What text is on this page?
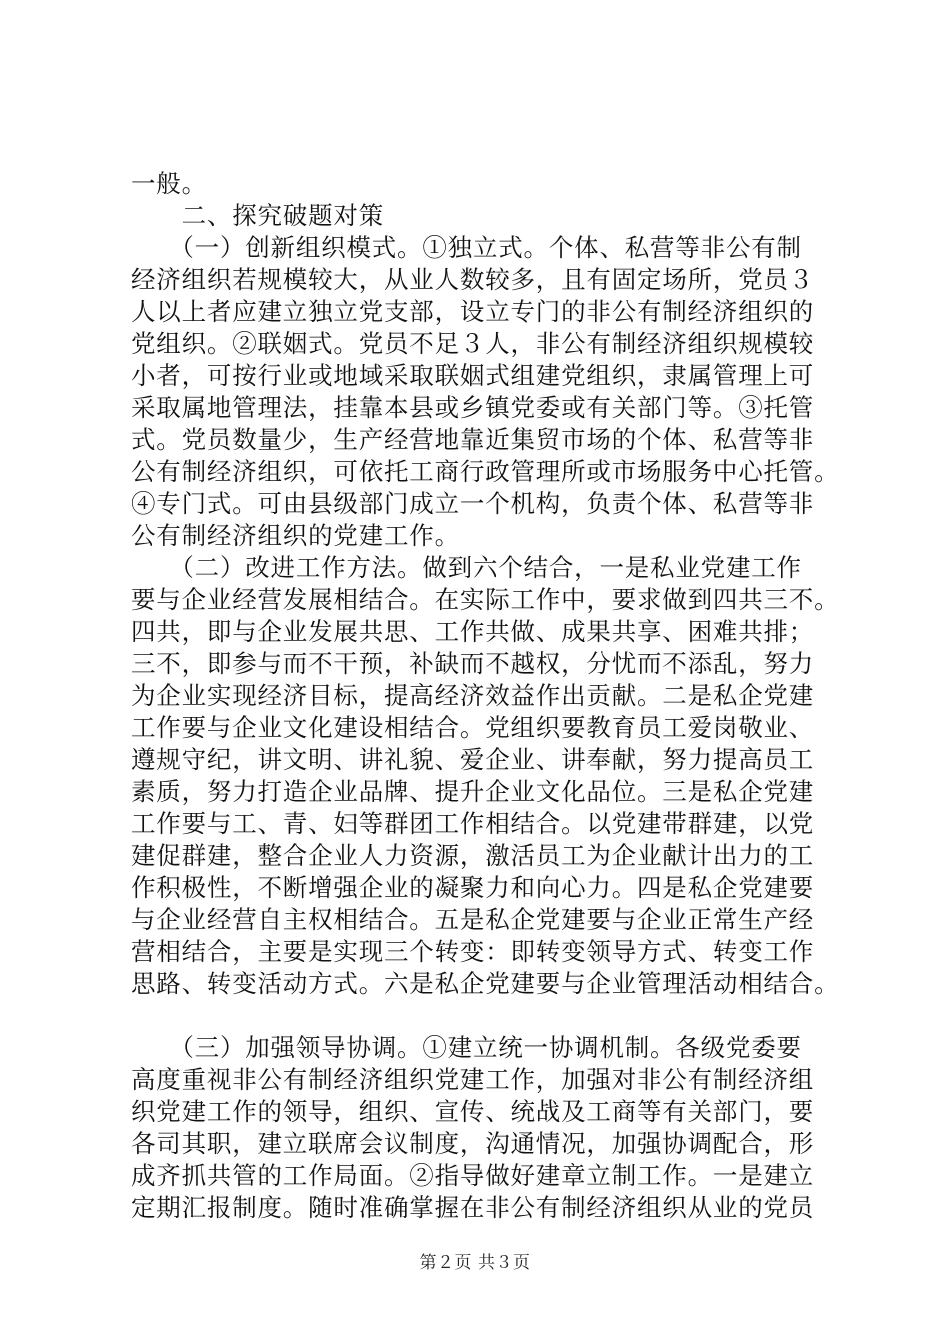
一般。
　　二、探究破题对策
　　（一）创新组织模式。①独立式。个体、私营等非公有制
经济组织若规模较大，从业人数较多，且有固定场所，党员３
人以上者应建立独立党支部，设立专门的非公有制经济组织的
党组织。②联姻式。党员不足３人，非公有制经济组织规模较
小者，可按行业或地域采取联姻式组建党组织，隶属管理上可
采取属地管理法，挂靠本县或乡镇党委或有关部门等。③托管
式。党员数量少，生产经营地靠近集贸市场的个体、私营等非
公有制经济组织，可依托工商行政管理所或市场服务中心托管。
④专门式。可由县级部门成立一个机构，负责个体、私营等非
公有制经济组织的党建工作。
　　（二）改进工作方法。做到六个结合，一是私业党建工作
要与企业经营发展相结合。在实际工作中，要求做到四共三不。
四共，即与企业发展共思、工作共做、成果共享、困难共排；
三不，即参与而不干预，补缺而不越权，分忧而不添乱，努力
为企业实现经济目标，提高经济效益作出贡献。二是私企党建
工作要与企业文化建设相结合。党组织要教育员工爱岗敬业、
遵规守纪，讲文明、讲礼貌、爱企业、讲奉献，努力提高员工
素质，努力打造企业品牌、提升企业文化品位。三是私企党建
工作要与工、青、妇等群团工作相结合。以党建带群建，以党
建促群建，整合企业人力资源，激活员工为企业献计出力的工
作积极性，不断增强企业的凝聚力和向心力。四是私企党建要
与企业经营自主权相结合。五是私企党建要与企业正常生产经
营相结合，主要是实现三个转变：即转变领导方式、转变工作
思路、转变活动方式。六是私企党建要与企业管理活动相结合。
　　（三）加强领导协调。①建立统一协调机制。各级党委要
高度重视非公有制经济组织党建工作，加强对非公有制经济组
织党建工作的领导，组织、宣传、统战及工商等有关部门，要
各司其职，建立联席会议制度，沟通情况，加强协调配合，形
成齐抓共管的工作局面。②指导做好建章立制工作。一是建立
定期汇报制度。随时准确掌握在非公有制经济组织从业的党员
第２页 共３页
